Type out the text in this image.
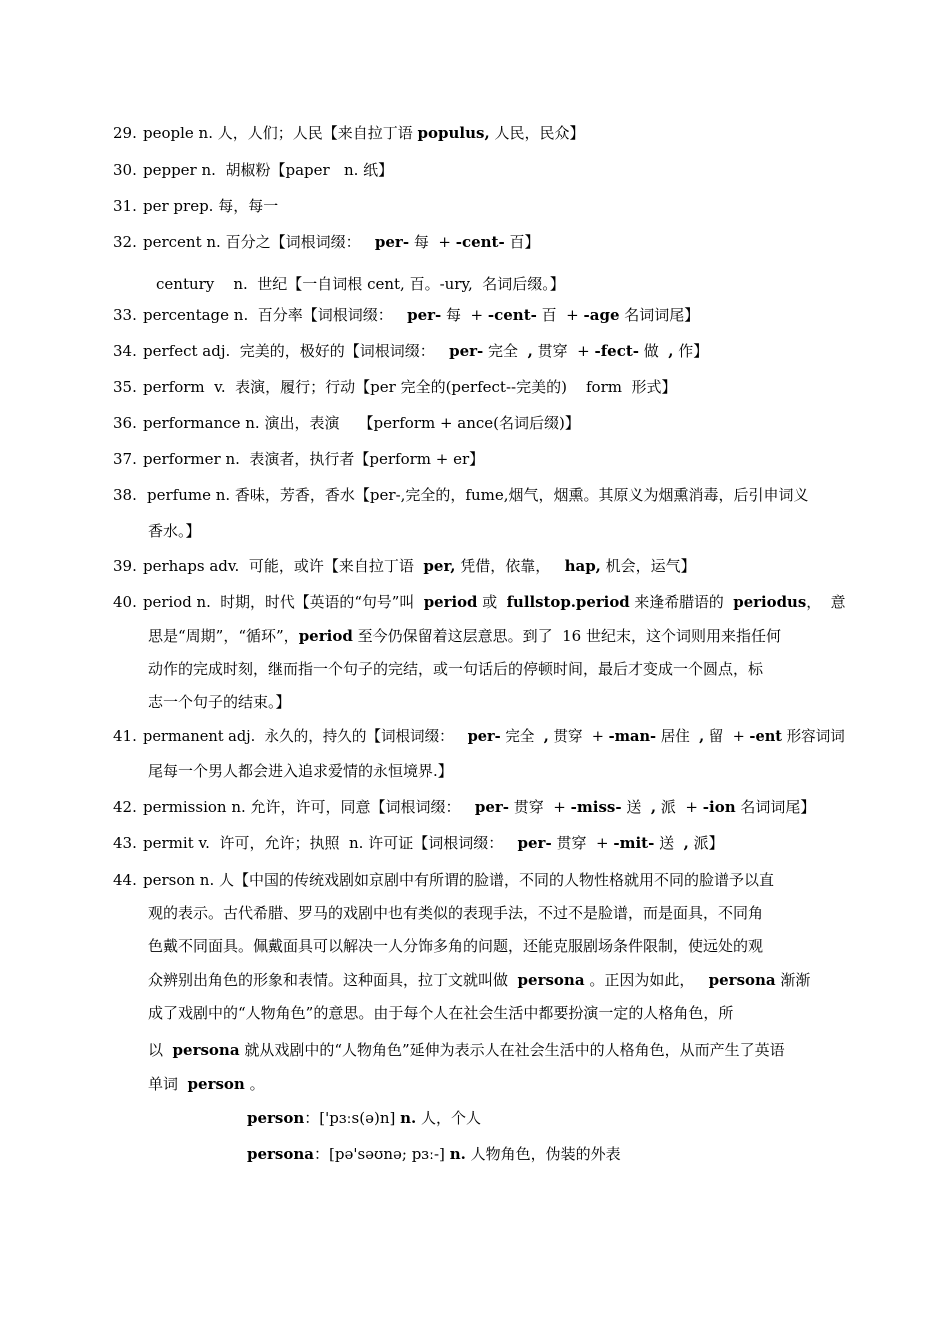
29. people n. 人，人们；人民【来自拉丁语 populus, 人民，民众】
30. pepper n.  胡椒粉【paper   n. 纸】
31. per prep. 每，每一
32. percent n. 百分之【词根词缀：   per- 每  + -cent- 百】
century    n.  世纪【一自词根 cent, 百。-ury,  名词后缀。】
33. percentage n.  百分率【词根词缀：   per- 每  + -cent- 百  + -age 名词词尾】
34. perfect adj.  完美的，极好的【词根词缀：   per- 完全  , 贯穿  + -fect- 做  , 作】
35. perform  v.  表演，履行；行动【per 完全的(perfect--完美的)    form  形式】
36. performance n. 演出，表演    【perform + ance(名词后缀)】
37. performer n.  表演者，执行者【perform + er】
38. perfume n. 香味，芳香，香水【per-,完全的，fume,烟气，烟熏。其原义为烟熏消毒，后引申词义
香水。】
39. perhaps adv.  可能，或许【来自拉丁语  per, 凭借，依靠，   hap, 机会，运气】
40. period n.  时期，时代【英语的“句号”叫  period 或  fullstop.period 来逢希腊语的  periodus，  意
思是“周期”，“循环”，period 至今仍保留着这层意思。到了  16 世纪末，这个词则用来指任何
动作的完成时刻，继而指一个句子的完结，或一句话后的停顿时间，最后才变成一个圆点，标
志一个句子的结束。】
41. permanent adj.  永久的，持久的【词根词缀：   per- 完全  , 贯穿  + -man- 居住  , 留  + -ent 形容词词
尾每一个男人都会进入追求爱情的永恒境界.】
42. permission n. 允许，许可，同意【词根词缀：   per- 贯穿  + -miss- 送  , 派  + -ion 名词词尾】
43. permit v.  许可，允许；执照  n. 许可证【词根词缀：   per- 贯穿  + -mit- 送  , 派】
44. person n. 人【中国的传统戏剧如京剧中有所谓的脸谱，不同的人物性格就用不同的脸谱予以直
观的表示。古代希腊、罗马的戏剧中也有类似的表现手法，不过不是脸谱，而是面具，不同角
色戴不同面具。佩戴面具可以解决一人分饰多角的问题，还能克服剧场条件限制，使远处的观
众辨别出角色的形象和表情。这种面具，拉丁文就叫做  persona 。正因为如此，   persona 渐渐
成了戏剧中的“人物角色”的意思。由于每个人在社会生活中都要扮演一定的人格角色，所
以  persona 就从戏剧中的“人物角色”延伸为表示人在社会生活中的人格角色，从而产生了英语
单词  person 。
person：['pɜːs(ə)n] n. 人，个人
persona：[pə'səʊnə; pɜː-] n. 人物角色，伪装的外表
